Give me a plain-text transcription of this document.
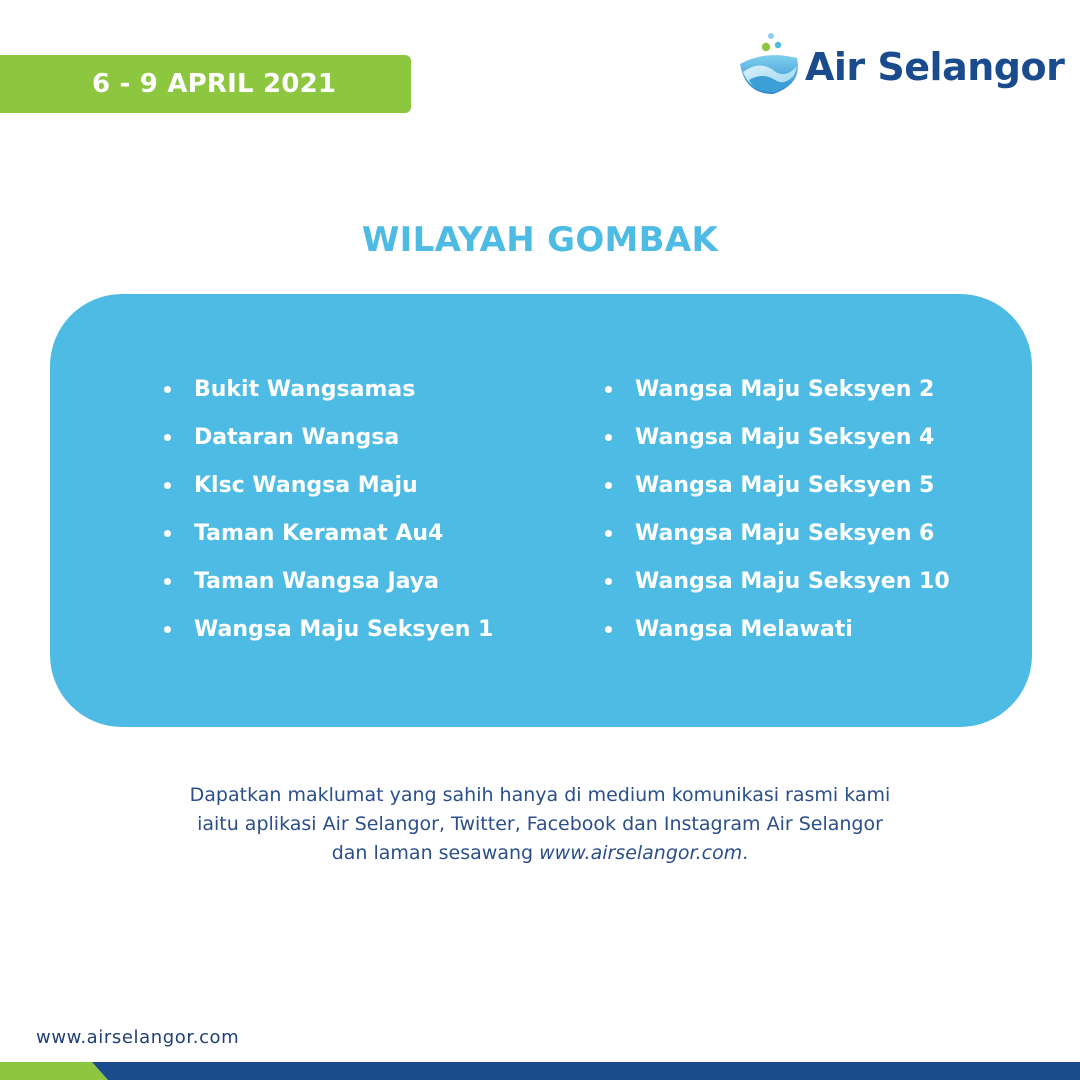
6 - 9 APRIL 2021	Air Selangor
WILAYAH GOMBAK
Bukit Wangsamas
Dataran Wangsa
Klsc Wangsa Maju
Taman Keramat Au4
Taman Wangsa Jaya
Wangsa Maju Seksyen 1
Wangsa Maju Seksyen 2
Wangsa Maju Seksyen 4
Wangsa Maju Seksyen 5
Wangsa Maju Seksyen 6
Wangsa Maju Seksyen 10
Wangsa Melawati
Dapatkan maklumat yang sahih hanya di medium komunikasi rasmi kami
iaitu aplikasi Air Selangor, Twitter, Facebook dan Instagram Air Selangor
dan laman sesawang www.airselangor.com.
www.airselangor.com
